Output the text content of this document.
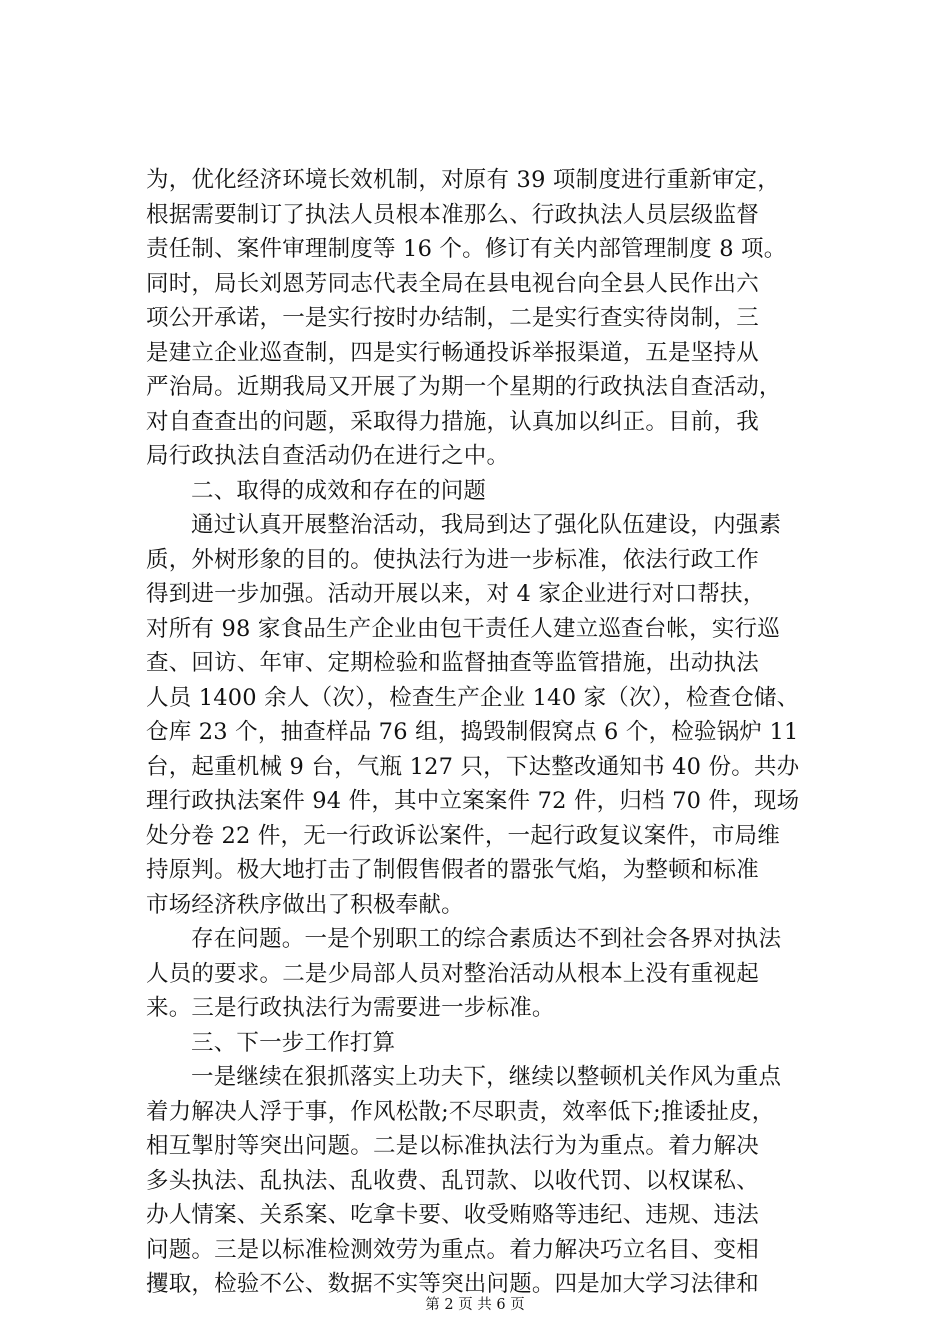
为，优化经济环境长效机制，对原有 39 项制度进行重新审定，
根据需要制订了执法人员根本准那么、行政执法人员层级监督
责任制、案件审理制度等 16 个。修订有关内部管理制度 8 项。
同时，局长刘恩芳同志代表全局在县电视台向全县人民作出六
项公开承诺，一是实行按时办结制，二是实行查实待岗制，三
是建立企业巡查制，四是实行畅通投诉举报渠道，五是坚持从
严治局。近期我局又开展了为期一个星期的行政执法自查活动，
对自查查出的问题，采取得力措施，认真加以纠正。目前，我
局行政执法自查活动仍在进行之中。
二、取得的成效和存在的问题
通过认真开展整治活动，我局到达了强化队伍建设，内强素
质，外树形象的目的。使执法行为进一步标准，依法行政工作
得到进一步加强。活动开展以来，对 4 家企业进行对口帮扶，
对所有 98 家食品生产企业由包干责任人建立巡查台帐，实行巡
查、回访、年审、定期检验和监督抽查等监管措施，出动执法
人员 1400 余人（次），检查生产企业 140 家（次），检查仓储、
仓库 23 个，抽查样品 76 组，捣毁制假窝点 6 个，检验锅炉 11
台，起重机械 9 台，气瓶 127 只，下达整改通知书 40 份。共办
理行政执法案件 94 件，其中立案案件 72 件，归档 70 件，现场
处分卷 22 件，无一行政诉讼案件，一起行政复议案件，市局维
持原判。极大地打击了制假售假者的嚣张气焰，为整顿和标准
市场经济秩序做出了积极奉献。
存在问题。一是个别职工的综合素质达不到社会各界对执法
人员的要求。二是少局部人员对整治活动从根本上没有重视起
来。三是行政执法行为需要进一步标准。
三、下一步工作打算
一是继续在狠抓落实上功夫下，继续以整顿机关作风为重点
着力解决人浮于事，作风松散;不尽职责，效率低下;推诿扯皮，
相互掣肘等突出问题。二是以标准执法行为为重点。着力解决
多头执法、乱执法、乱收费、乱罚款、以收代罚、以权谋私、
办人情案、关系案、吃拿卡要、收受贿赂等违纪、违规、违法
问题。三是以标准检测效劳为重点。着力解决巧立名目、变相
攫取，检验不公、数据不实等突出问题。四是加大学习法律和
第 2 页 共 6 页
